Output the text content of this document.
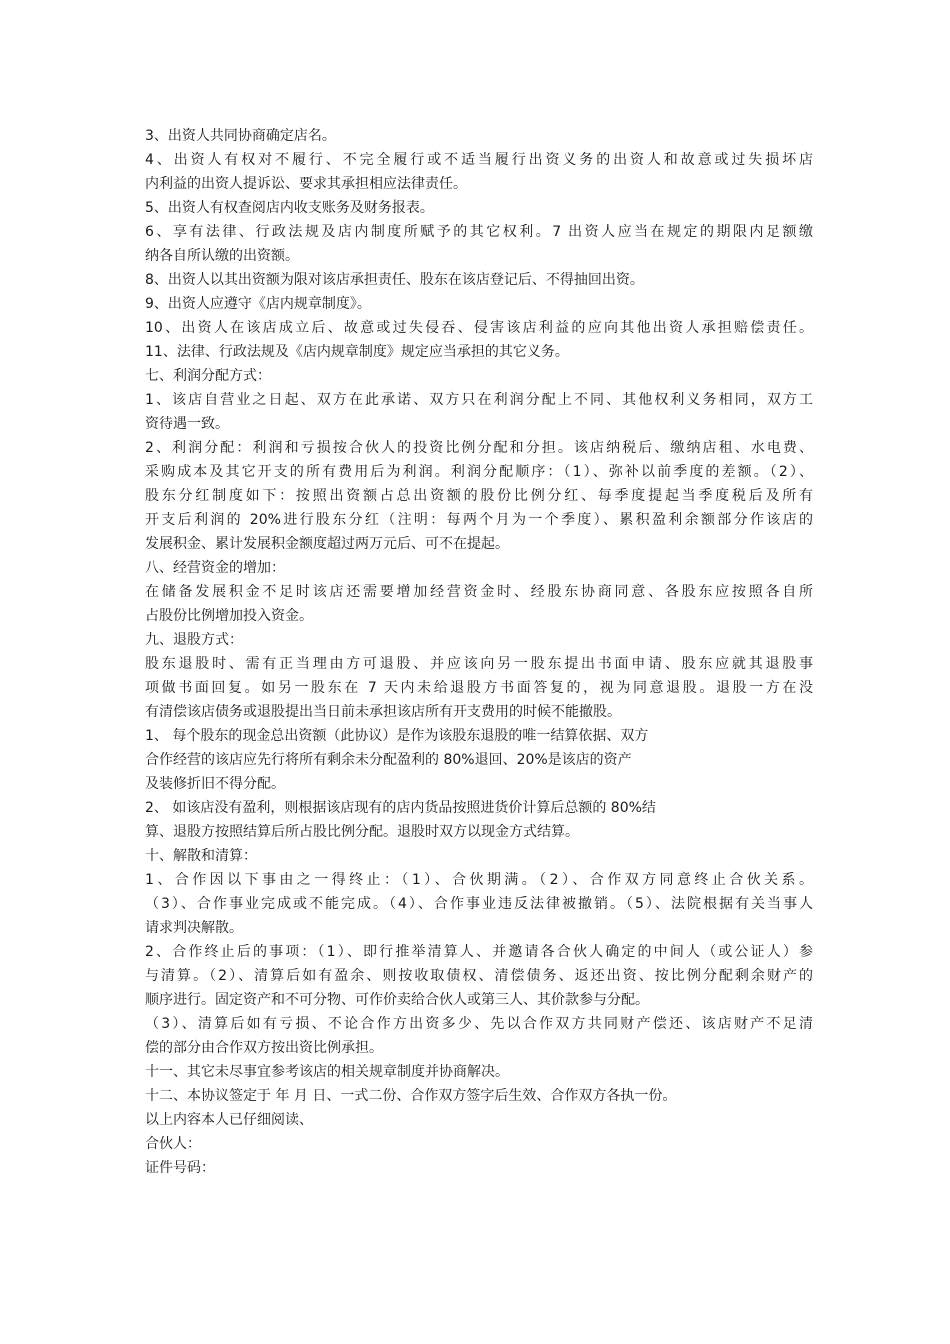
3、出资人共同协商确定店名。
4、出资人有权对不履行、不完全履行或不适当履行出资义务的出资人和故意或过失损坏店
内利益的出资人提诉讼、要求其承担相应法律责任。
5、出资人有权查阅店内收支账务及财务报表。
6、享有法律、行政法规及店内制度所赋予的其它权利。7 出资人应当在规定的期限内足额缴
纳各自所认缴的出资额。
8、出资人以其出资额为限对该店承担责任、股东在该店登记后、不得抽回出资。
9、出资人应遵守《店内规章制度》。
10、出资人在该店成立后、故意或过失侵吞、侵害该店利益的应向其他出资人承担赔偿责任。
11、法律、行政法规及《店内规章制度》规定应当承担的其它义务。
七、利润分配方式：
1、该店自营业之日起、双方在此承诺、双方只在利润分配上不同、其他权利义务相同，双方工
资待遇一致。
2、利润分配：利润和亏损按合伙人的投资比例分配和分担。该店纳税后、缴纳店租、水电费、
采购成本及其它开支的所有费用后为利润。利润分配顺序：（1）、弥补以前季度的差额。（2）、
股东分红制度如下：按照出资额占总出资额的股份比例分红、每季度提起当季度税后及所有
开支后利润的 20%进行股东分红（注明：每两个月为一个季度）、累积盈利余额部分作该店的
发展积金、累计发展积金额度超过两万元后、可不在提起。
八、经营资金的增加：
在储备发展积金不足时该店还需要增加经营资金时、经股东协商同意、各股东应按照各自所
占股份比例增加投入资金。
九、退股方式：
股东退股时、需有正当理由方可退股、并应该向另一股东提出书面申请、股东应就其退股事
项做书面回复。如另一股东在 7 天内未给退股方书面答复的，视为同意退股。退股一方在没
有清偿该店债务或退股提出当日前未承担该店所有开支费用的时候不能撤股。
1、 每个股东的现金总出资额（此协议）是作为该股东退股的唯一结算依据、双方
合作经营的该店应先行将所有剩余未分配盈利的 80%退回、20%是该店的资产
及装修折旧不得分配。
2、 如该店没有盈利，则根据该店现有的店内货品按照进货价计算后总额的 80%结
算、退股方按照结算后所占股比例分配。退股时双方以现金方式结算。
十、解散和清算：
1、合作因以下事由之一得终止：（1）、合伙期满。（2）、合作双方同意终止合伙关系。
（3）、合作事业完成或不能完成。（4）、合作事业违反法律被撤销。（5）、法院根据有关当事人
请求判决解散。
2、合作终止后的事项：（1）、即行推举清算人、并邀请各合伙人确定的中间人（或公证人）参
与清算。（2）、清算后如有盈余、则按收取债权、清偿债务、返还出资、按比例分配剩余财产的
顺序进行。固定资产和不可分物、可作价卖给合伙人或第三人、其价款参与分配。
（3）、清算后如有亏损、不论合作方出资多少、先以合作双方共同财产偿还、该店财产不足清
偿的部分由合作双方按出资比例承担。
十一、其它未尽事宜参考该店的相关规章制度并协商解决。
十二、本协议签定于 年 月 日、一式二份、合作双方签字后生效、合作双方各执一份。
以上内容本人已仔细阅读、
合伙人：
证件号码：
